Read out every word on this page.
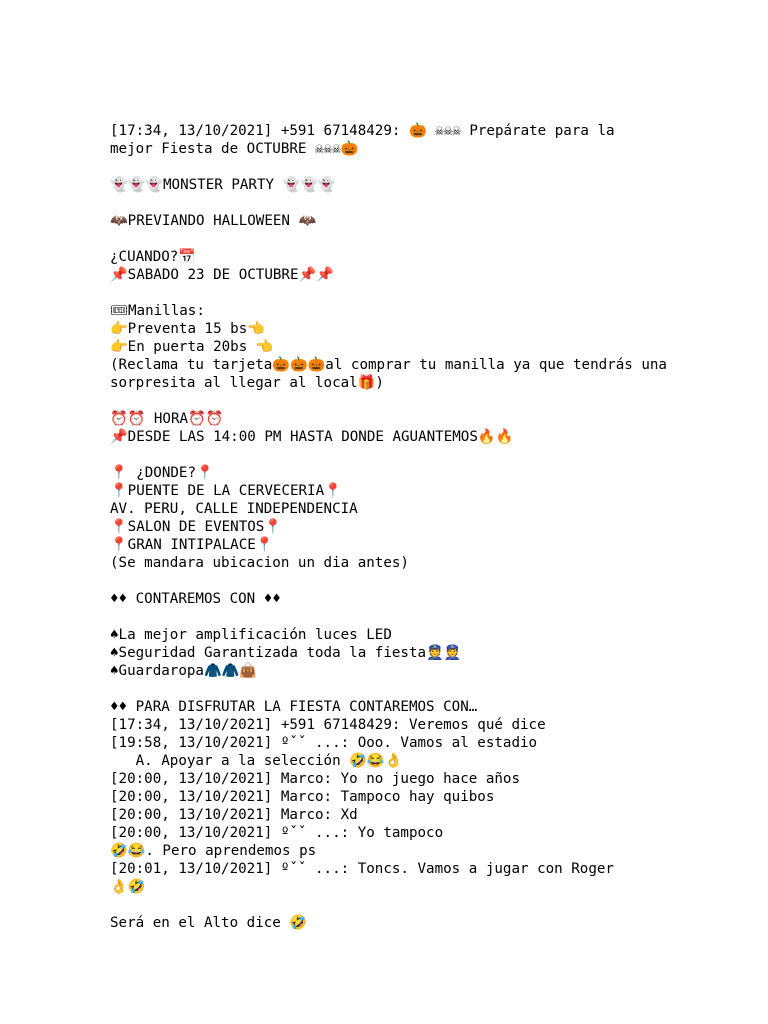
[17:34, 13/10/2021] +591 67148429: 🎃 ☠☠☠ Prepárate para la
mejor Fiesta de OCTUBRE ☠☠☠🎃
👻👻👻MONSTER PARTY 👻👻👻
🦇PREVIANDO HALLOWEEN 🦇
¿CUANDO?📅
📌SABADO 23 DE OCTUBRE📌📌
🎟Manillas:
👉Preventa 15 bs👈
👉En puerta 20bs 👈
(Reclama tu tarjeta🎃🎃🎃al comprar tu manilla ya que tendrás una
sorpresita al llegar al local🎁)
⏰⏰ HORA⏰⏰
📌DESDE LAS 14:00 PM HASTA DONDE AGUANTEMOS🔥🔥
📍 ¿DONDE?📍
📍PUENTE DE LA CERVECERIA📍
AV. PERU, CALLE INDEPENDENCIA
📍SALON DE EVENTOS📍
📍GRAN INTIPALACE📍
(Se mandara ubicacion un dia antes)
♦♦ CONTAREMOS CON ♦♦
♠La mejor amplificación luces LED
♠Seguridad Garantizada toda la fiesta👮👮
♠Guardaropa🧥🧥👜
♦♦ PARA DISFRUTAR LA FIESTA CONTAREMOS CON…
[17:34, 13/10/2021] +591 67148429: Veremos qué dice
[19:58, 13/10/2021] ºˇˇ ...: Ooo. Vamos al estadio
A. Apoyar a la selección 🤣😂👌
[20:00, 13/10/2021] Marco: Yo no juego hace años
[20:00, 13/10/2021] Marco: Tampoco hay quibos
[20:00, 13/10/2021] Marco: Xd
[20:00, 13/10/2021] ºˇˇ ...: Yo tampoco
🤣😂. Pero aprendemos ps
[20:01, 13/10/2021] ºˇˇ ...: Toncs. Vamos a jugar con Roger
👌🤣
Será en el Alto dice 🤣
